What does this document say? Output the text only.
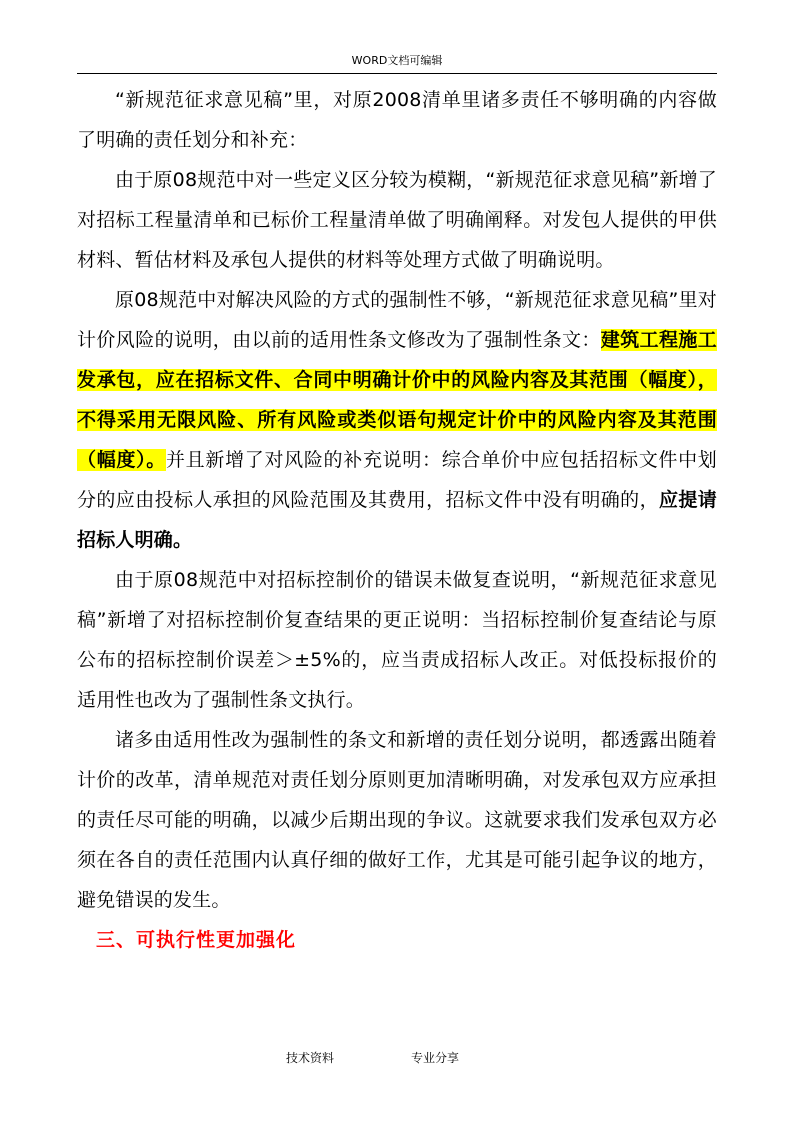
WORD文档可编辑

“新规范征求意见稿”里，对原2008清单里诸多责任不够明确的内容做了明确的责任划分和补充：

由于原08规范中对一些定义区分较为模糊，“新规范征求意见稿”新增了对招标工程量清单和已标价工程量清单做了明确阐释。对发包人提供的甲供材料、暂估材料及承包人提供的材料等处理方式做了明确说明。

原08规范中对解决风险的方式的强制性不够，“新规范征求意见稿”里对计价风险的说明，由以前的适用性条文修改为了强制性条文：建筑工程施工发承包，应在招标文件、合同中明确计价中的风险内容及其范围（幅度），不得采用无限风险、所有风险或类似语句规定计价中的风险内容及其范围（幅度）。并且新增了对风险的补充说明：综合单价中应包括招标文件中划分的应由投标人承担的风险范围及其费用，招标文件中没有明确的，应提请招标人明确。

由于原08规范中对招标控制价的错误未做复查说明，“新规范征求意见稿”新增了对招标控制价复查结果的更正说明：当招标控制价复查结论与原公布的招标控制价误差＞±5%的，应当责成招标人改正。对低投标报价的适用性也改为了强制性条文执行。

诸多由适用性改为强制性的条文和新增的责任划分说明，都透露出随着计价的改革，清单规范对责任划分原则更加清晰明确，对发承包双方应承担的责任尽可能的明确，以减少后期出现的争议。这就要求我们发承包双方必须在各自的责任范围内认真仔细的做好工作，尤其是可能引起争议的地方，避免错误的发生。

三、可执行性更加强化

技术资料	专业分享
